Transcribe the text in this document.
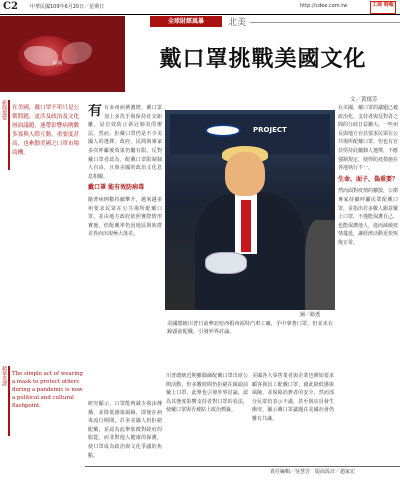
C2 中華民國109年6月20日／星期日	http://cdee.com.tw	工商 時報
美洲
全球財經風暴	北美
戴口罩挑戰美國文化
新聞提要 在美國，戴口罩不單只是公衛問題，更涉及政治及文化層面議題，連帶影響病例數多寡與人際互動，重要度甚高，也牽動美國之口罩市場商機。

精華英譯 The simple act of wearing a mask to protect others during a pandemic is now a political and cultural flashpoint.

文／黃郁芳
有 有多州病例激增，戴口罩加上多洗手與保持社交距離，是有效防止新冠肺炎的辦法。然而，拒戴口罩仍是不少美國人的選擇，政府、民間與專家多次呼籲後效果仍屬有限。反對戴口罩者認為，配戴口罩限制個人自由，且與美國的政治文化息息相關。
戴口罩 能有效防病毒
隨著病例數持續攀升，越來越多州要求民眾在公共場所配戴口罩，並由地方政府依照實際情形實施，但配戴率仍因地區與族群差異而出現極大落差。
研究顯示，口罩能夠減少飛沫傳播，並降低感染風險，即使在病毒流行期間，許多美國人仍拒絕配戴，並認為此舉象徵對政府的服從，而非對他人健康的保護，使口罩成為政治與文化爭議的焦點。
在美國，戴口罩的議題已被政治化，支持者與反對者之間的分歧日益擴大。一些州長與地方官員要求民眾在公共場所配戴口罩，但也有官員堅持此屬個人選擇，不應強制規定，使得防疫措施在各地執行不一。
生命、面子、偽重要？
然而面對疫情的擴散，公衛專家持續呼籲民眾配戴口罩，並指出若多數人願意戴上口罩，不僅能保護自己，也能保護他人，進而減緩疫情蔓延，讓經濟活動更快恢復正常。
川普總統近期雖偶爾配戴口罩出席公開活動，但多數時間仍拒絕在鏡頭前戴上口罩，此舉也引發外界討論，認為其態度影響支持者對口罩的看法，使戴口罩與否被貼上政治標籤。
美國各大零售業者與企業也開始要求顧客與員工配戴口罩，藉此降低感染風險，並保障消費者的安全，然而部分民眾仍表示不滿，甚至與店員發生衝突，顯示戴口罩議題在美國社會仍難有共識。
PROJECT
圖／路透

美國總統川普日前參訪密西根州福特汽車工廠，手中拿著口罩，但並未在鏡頭前配戴，引發外界討論。

責任編輯／吳慧芳　版面設計／趙家宏
